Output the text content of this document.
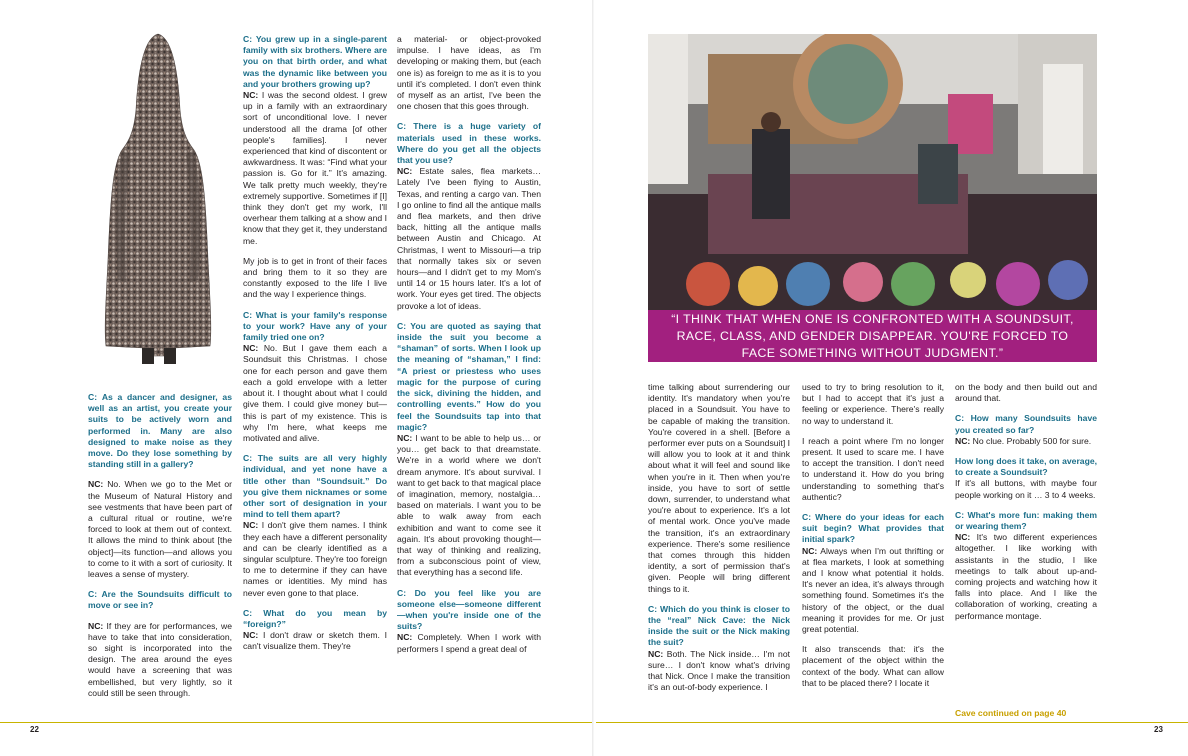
C: As a dancer and designer, as well as an artist, you create your suits to be actively worn and performed in. Many are also designed to make noise as they move. Do they lose something by standing still in a gallery?

NC: No. When we go to the Met or the Museum of Natural History and see vestments that have been part of a cultural ritual or routine, we're forced to look at them out of context. It allows the mind to think about [the object]—its function—and allows you to come to it with a sort of curiosity. It leaves a sense of mystery.

C: Are the Soundsuits difficult to move or see in?

NC: If they are for performances, we have to take that into consideration, so sight is incorporated into the design. The area around the eyes would have a screening that was embellished, but very lightly, so it could still be seen through.

C: You grew up in a single-parent family with six brothers. Where are you on that birth order, and what was the dynamic like between you and your brothers growing up?
NC: I was the second oldest. I grew up in a family with an extraordinary sort of unconditional love. I never understood all the drama [of other people's families]. I never experienced that kind of discontent or awkwardness. It was: “Find what your passion is. Go for it.” It's amazing. We talk pretty much weekly, they're extremely supportive. Sometimes if [I] think they don't get my work, I'll overhear them talking at a show and I know that they get it, they understand me.

My job is to get in front of their faces and bring them to it so they are constantly exposed to the life I live and the way I experience things.

C: What is your family's response to your work? Have any of your family tried one on?
NC: No. But I gave them each a Soundsuit this Christmas. I chose one for each person and gave them each a gold envelope with a letter about it. I thought about what I could give them. I could give money but—this is part of my existence. This is why I'm here, what keeps me motivated and alive.

C: The suits are all very highly individual, and yet none have a title other than “Soundsuit.” Do you give them nicknames or some other sort of designation in your mind to tell them apart?
NC: I don't give them names. I think they each have a different personality and can be clearly identified as a singular sculpture. They're too foreign to me to determine if they can have names or identities. My mind has never even gone to that place.

C: What do you mean by “foreign?”
NC: I don't draw or sketch them. I can't visualize them. They're

a material- or object-provoked impulse. I have ideas, as I'm developing or making them, but (each one is) as foreign to me as it is to you until it's completed. I don't even think of myself as an artist, I've been the one chosen that this goes through.

C: There is a huge variety of materials used in these works. Where do you get all the objects that you use?
NC: Estate sales, flea markets… Lately I've been flying to Austin, Texas, and renting a cargo van. Then I go online to find all the antique malls and flea markets, and then drive back, hitting all the antique malls between Austin and Chicago. At Christmas, I went to Missouri—a trip that normally takes six or seven hours—and I didn't get to my Mom's until 14 or 15 hours later. It's a lot of work. Your eyes get tired. The objects provoke a lot of ideas.

C: You are quoted as saying that inside the suit you become a “shaman” of sorts. When I look up the meaning of “shaman,” I find: “A priest or priestess who uses magic for the purpose of curing the sick, divining the hidden, and controlling events.” How do you feel the Soundsuits tap into that magic?
NC: I want to be able to help us… or you… get back to that dreamstate. We're in a world where we don't dream anymore. It's about survival. I want to get back to that magical place of imagination, memory, nostalgia… based on materials. I want you to be able to walk away from each exhibition and want to come see it again. It's about provoking thought—that way of thinking and realizing, from a subconscious point of view, that everything has a second life.

C: Do you feel like you are someone else—someone different—when you're inside one of the suits?
NC: Completely. When I work with performers I spend a great deal of

22
“I THINK THAT WHEN ONE IS CONFRONTED WITH A SOUNDSUIT, RACE, CLASS, AND GENDER DISAPPEAR. YOU'RE FORCED TO FACE SOMETHING WITHOUT JUDGMENT.”

time talking about surrendering our identity. It's mandatory when you're placed in a Soundsuit. You have to be capable of making the transition. You're covered in a shell. [Before a performer ever puts on a Soundsuit] I will allow you to look at it and think about what it will feel and sound like when you're in it. Then when you're inside, you have to sort of settle down, surrender, to understand what you're about to experience. It's a lot of mental work. Once you've made the transition, it's an extraordinary experience. There's some resilience that comes through this hidden identity, a sort of permission that's given. People will bring different things to it.

C: Which do you think is closer to the “real” Nick Cave: the Nick inside the suit or the Nick making the suit?
NC: Both. The Nick inside… I'm not sure… I don't know what's driving that Nick. Once I make the transition it's an out-of-body experience. I

used to try to bring resolution to it, but I had to accept that it's just a feeling or experience. There's really no way to understand it.

I reach a point where I'm no longer present. It used to scare me. I have to accept the transition. I don't need to understand it. How do you bring understanding to something that's authentic?

C: Where do your ideas for each suit begin? What provides that initial spark?
NC: Always when I'm out thrifting or at flea markets, I look at something and I know what potential it holds. It's never an idea, it's always through something found. Sometimes it's the history of the object, or the dual meaning it provides for me. Or just great potential.

It also transcends that: it's the placement of the object within the context of the body. What can allow that to be placed there? I locate it

on the body and then build out and around that.

C: How many Soundsuits have you created so far?
NC: No clue. Probably 500 for sure.

How long does it take, on average, to create a Soundsuit?
If it's all buttons, with maybe four people working on it … 3 to 4 weeks.

C: What's more fun: making them or wearing them?
NC: It's two different experiences altogether. I like working with assistants in the studio, I like meetings to talk about up-and-coming projects and watching how it falls into place. And I like the collaboration of working, creating a performance montage.

Cave continued on page 40
23
